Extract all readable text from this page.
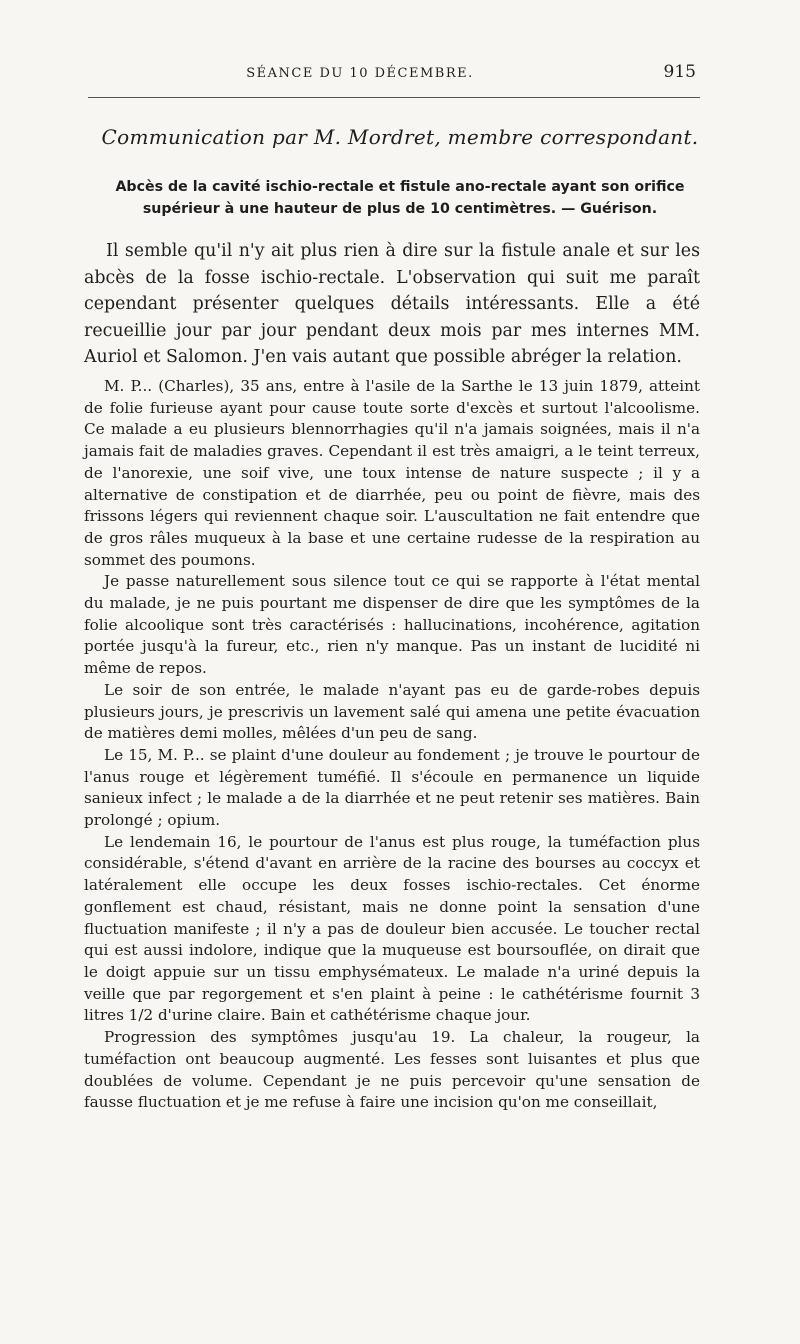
SÉANCE DU 10 DÉCEMBRE.	915
Communication par M. Mordret, membre correspondant.
Abcès de la cavité ischio-rectale et fistule ano-rectale ayant son orifice supérieur à une hauteur de plus de 10 centimètres. — Guérison.

Il semble qu'il n'y ait plus rien à dire sur la fistule anale et sur les abcès de la fosse ischio-rectale. L'observation qui suit me paraît cependant présenter quelques détails intéressants. Elle a été recueillie jour par jour pendant deux mois par mes internes MM. Auriol et Salomon. J'en vais autant que possible abréger la relation.

M. P... (Charles), 35 ans, entre à l'asile de la Sarthe le 13 juin 1879, atteint de folie furieuse ayant pour cause toute sorte d'excès et surtout l'alcoolisme. Ce malade a eu plusieurs blennorrhagies qu'il n'a jamais soignées, mais il n'a jamais fait de maladies graves. Cependant il est très amaigri, a le teint terreux, de l'anorexie, une soif vive, une toux intense de nature suspecte ; il y a alternative de constipation et de diarrhée, peu ou point de fièvre, mais des frissons légers qui reviennent chaque soir. L'auscultation ne fait entendre que de gros râles muqueux à la base et une certaine rudesse de la respiration au sommet des poumons.

Je passe naturellement sous silence tout ce qui se rapporte à l'état mental du malade, je ne puis pourtant me dispenser de dire que les symptômes de la folie alcoolique sont très caractérisés : hallucinations, incohérence, agitation portée jusqu'à la fureur, etc., rien n'y manque. Pas un instant de lucidité ni même de repos.

Le soir de son entrée, le malade n'ayant pas eu de garde-robes depuis plusieurs jours, je prescrivis un lavement salé qui amena une petite évacuation de matières demi molles, mêlées d'un peu de sang.

Le 15, M. P... se plaint d'une douleur au fondement ; je trouve le pourtour de l'anus rouge et légèrement tuméfié. Il s'écoule en permanence un liquide sanieux infect ; le malade a de la diarrhée et ne peut retenir ses matières. Bain prolongé ; opium.

Le lendemain 16, le pourtour de l'anus est plus rouge, la tuméfaction plus considérable, s'étend d'avant en arrière de la racine des bourses au coccyx et latéralement elle occupe les deux fosses ischio-rectales. Cet énorme gonflement est chaud, résistant, mais ne donne point la sensation d'une fluctuation manifeste ; il n'y a pas de douleur bien accusée. Le toucher rectal qui est aussi indolore, indique que la muqueuse est boursouflée, on dirait que le doigt appuie sur un tissu emphysémateux. Le malade n'a uriné depuis la veille que par regorgement et s'en plaint à peine : le cathétérisme fournit 3 litres 1/2 d'urine claire. Bain et cathétérisme chaque jour.

Progression des symptômes jusqu'au 19. La chaleur, la rougeur, la tuméfaction ont beaucoup augmenté. Les fesses sont luisantes et plus que doublées de volume. Cependant je ne puis percevoir qu'une sensation de fausse fluctuation et je me refuse à faire une incision qu'on me conseillait,
